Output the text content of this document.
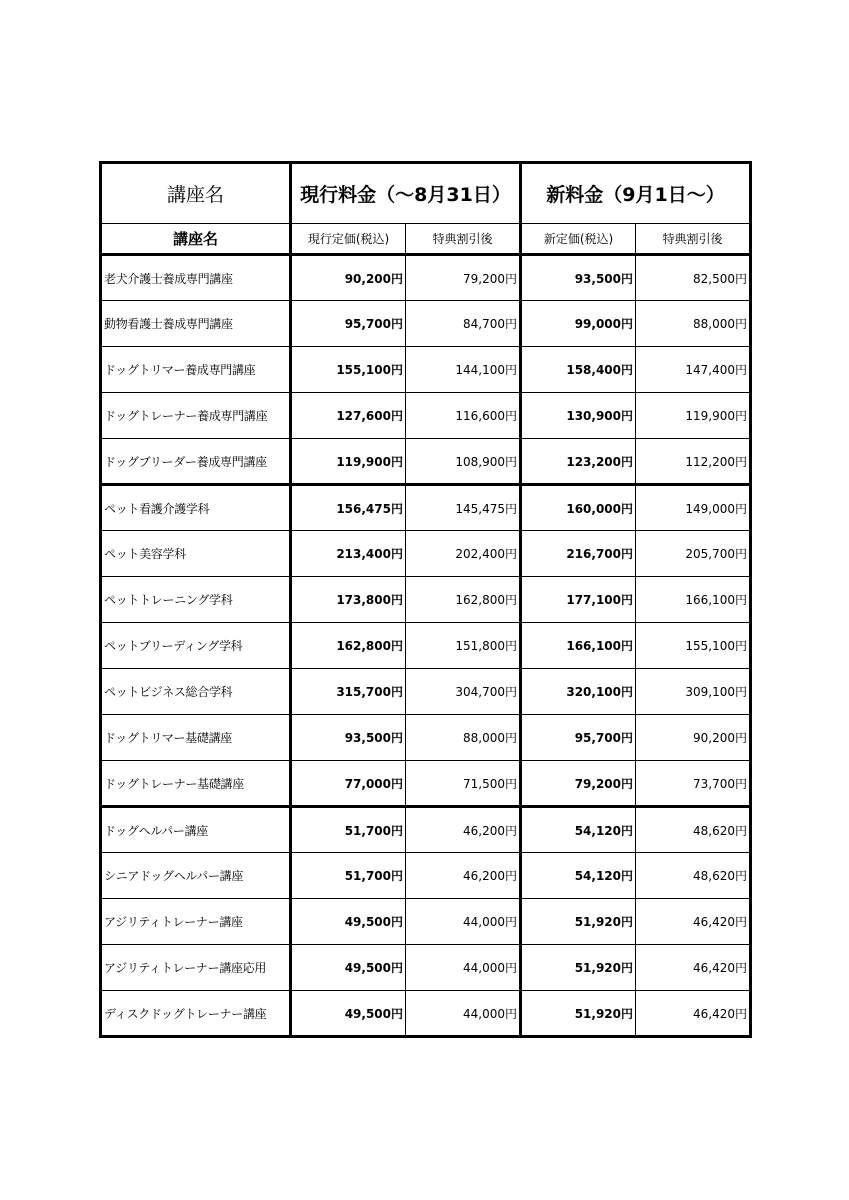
講座名	現行料金（～8月31日）		新料金（9月1日～）	
講座名	現行定価(税込)	特典割引後	新定価(税込)	特典割引後
老犬介護士養成専門講座	90,200円	79,200円	93,500円	82,500円
動物看護士養成専門講座	95,700円	84,700円	99,000円	88,000円
ドッグトリマー養成専門講座	155,100円	144,100円	158,400円	147,400円
ドッグトレーナー養成専門講座	127,600円	116,600円	130,900円	119,900円
ドッグブリーダー養成専門講座	119,900円	108,900円	123,200円	112,200円
ペット看護介護学科	156,475円	145,475円	160,000円	149,000円
ペット美容学科	213,400円	202,400円	216,700円	205,700円
ペットトレーニング学科	173,800円	162,800円	177,100円	166,100円
ペットブリーディング学科	162,800円	151,800円	166,100円	155,100円
ペットビジネス総合学科	315,700円	304,700円	320,100円	309,100円
ドッグトリマー基礎講座	93,500円	88,000円	95,700円	90,200円
ドッグトレーナー基礎講座	77,000円	71,500円	79,200円	73,700円
ドッグヘルパー講座	51,700円	46,200円	54,120円	48,620円
シニアドッグヘルパー講座	51,700円	46,200円	54,120円	48,620円
アジリティトレーナー講座	49,500円	44,000円	51,920円	46,420円
アジリティトレーナー講座応用	49,500円	44,000円	51,920円	46,420円
ディスクドッグトレーナー講座	49,500円	44,000円	51,920円	46,420円
